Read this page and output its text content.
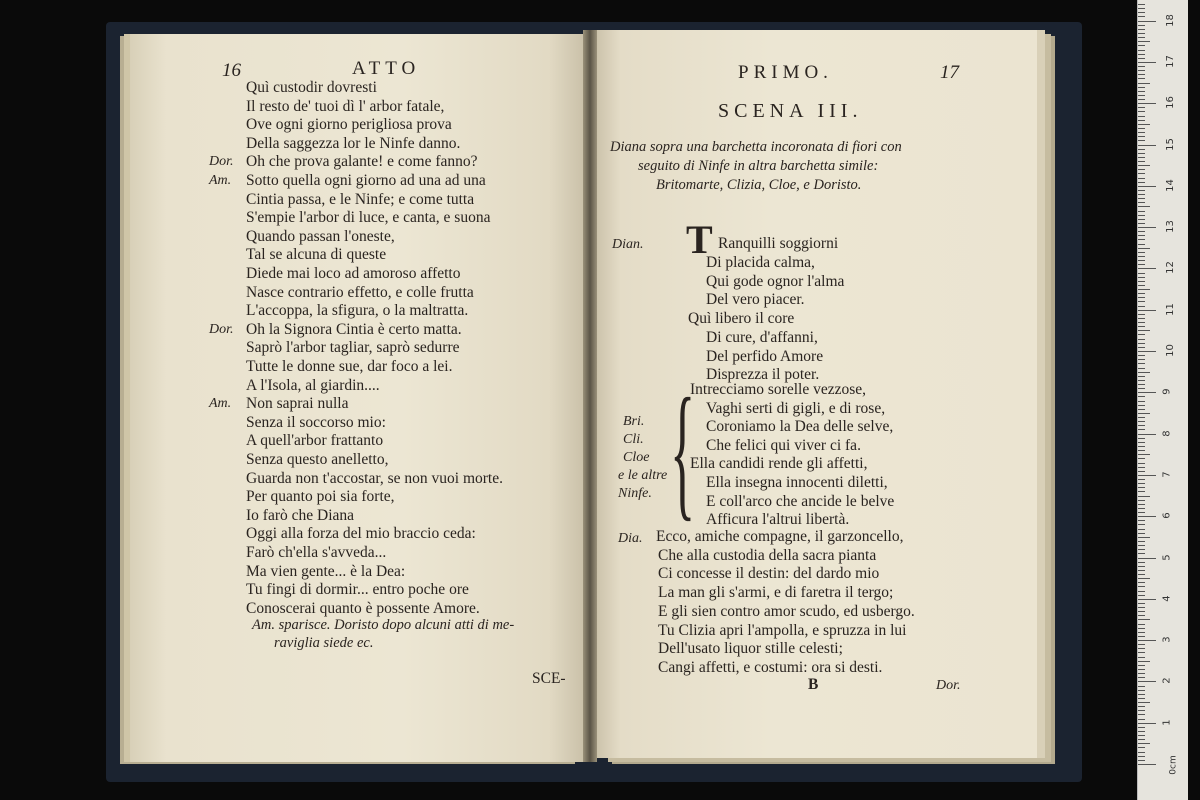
16	ATTO
Quì custodir dovresti
Il resto de' tuoi dì l' arbor fatale,
Ove ogni giorno perigliosa prova
Della saggezza lor le Ninfe danno.
Dor. Oh che prova galante! e come fanno?
Am. Sotto quella ogni giorno ad una ad una
Cintia passa, e le Ninfe; e come tutta
S'empie l'arbor di luce, e canta, e suona
Quando passan l'oneste,
Tal se alcuna di queste
Diede mai loco ad amoroso affetto
Nasce contrario effetto, e colle frutta
L'accoppa, la sfigura, o la maltratta.
Dor. Oh la Signora Cintia è certo matta.
Saprò l'arbor tagliar, saprò sedurre
Tutte le donne sue, dar foco a lei.
A l'Isola, al giardin....
Am. Non saprai nulla
Senza il soccorso mio:
A quell'arbor frattanto
Senza questo anelletto,
Guarda non t'accostar, se non vuoi morte.
Per quanto poi sia forte,
Io farò che Diana
Oggi alla forza del mio braccio ceda:
Farò ch'ella s'avveda...
Ma vien gente... è la Dea:
Tu fingi di dormir... entro poche ore
Conoscerai quanto è possente Amore.
Am. sparisce. Doristo dopo alcuni atti di me-
raviglia siede ec.
SCE-
PRIMO.	17
SCENA III.
Diana sopra una barchetta incoronata di fiori con
seguito di Ninfe in altra barchetta simile:
Britomarte, Clizia, Cloe, e Doristo.
Dian. T Ranquilli soggiorni
Di placida calma,
Qui gode ognor l'alma
Del vero piacer.
Quì libero il core
Di cure, d'affanni,
Del perfido Amore
Disprezza il poter.
Bri.
Cli.
Cloe
e le altre
Ninfe. {
Intrecciamo sorelle vezzose,
Vaghi serti di gigli, e di rose,
Coroniamo la Dea delle selve,
Che felici qui viver ci fa.
Ella candidi rende gli affetti,
Ella insegna innocenti diletti,
E coll'arco che ancide le belve
Afficura l'altrui libertà.
Dia. Ecco, amiche compagne, il garzoncello,
Che alla custodia della sacra pianta
Ci concesse il destin: del dardo mio
La man gli s'armi, e di faretra il tergo;
E gli sien contro amor scudo, ed usbergo.
Tu Clizia apri l'ampolla, e spruzza in lui
Dell'usato liquor stille celesti;
Cangi affetti, e costumi: ora si desti.
B	Dor.
1
2
3
4
5
6
7
8
9
10
11
12
13
14
15
16
17
18
0cm
